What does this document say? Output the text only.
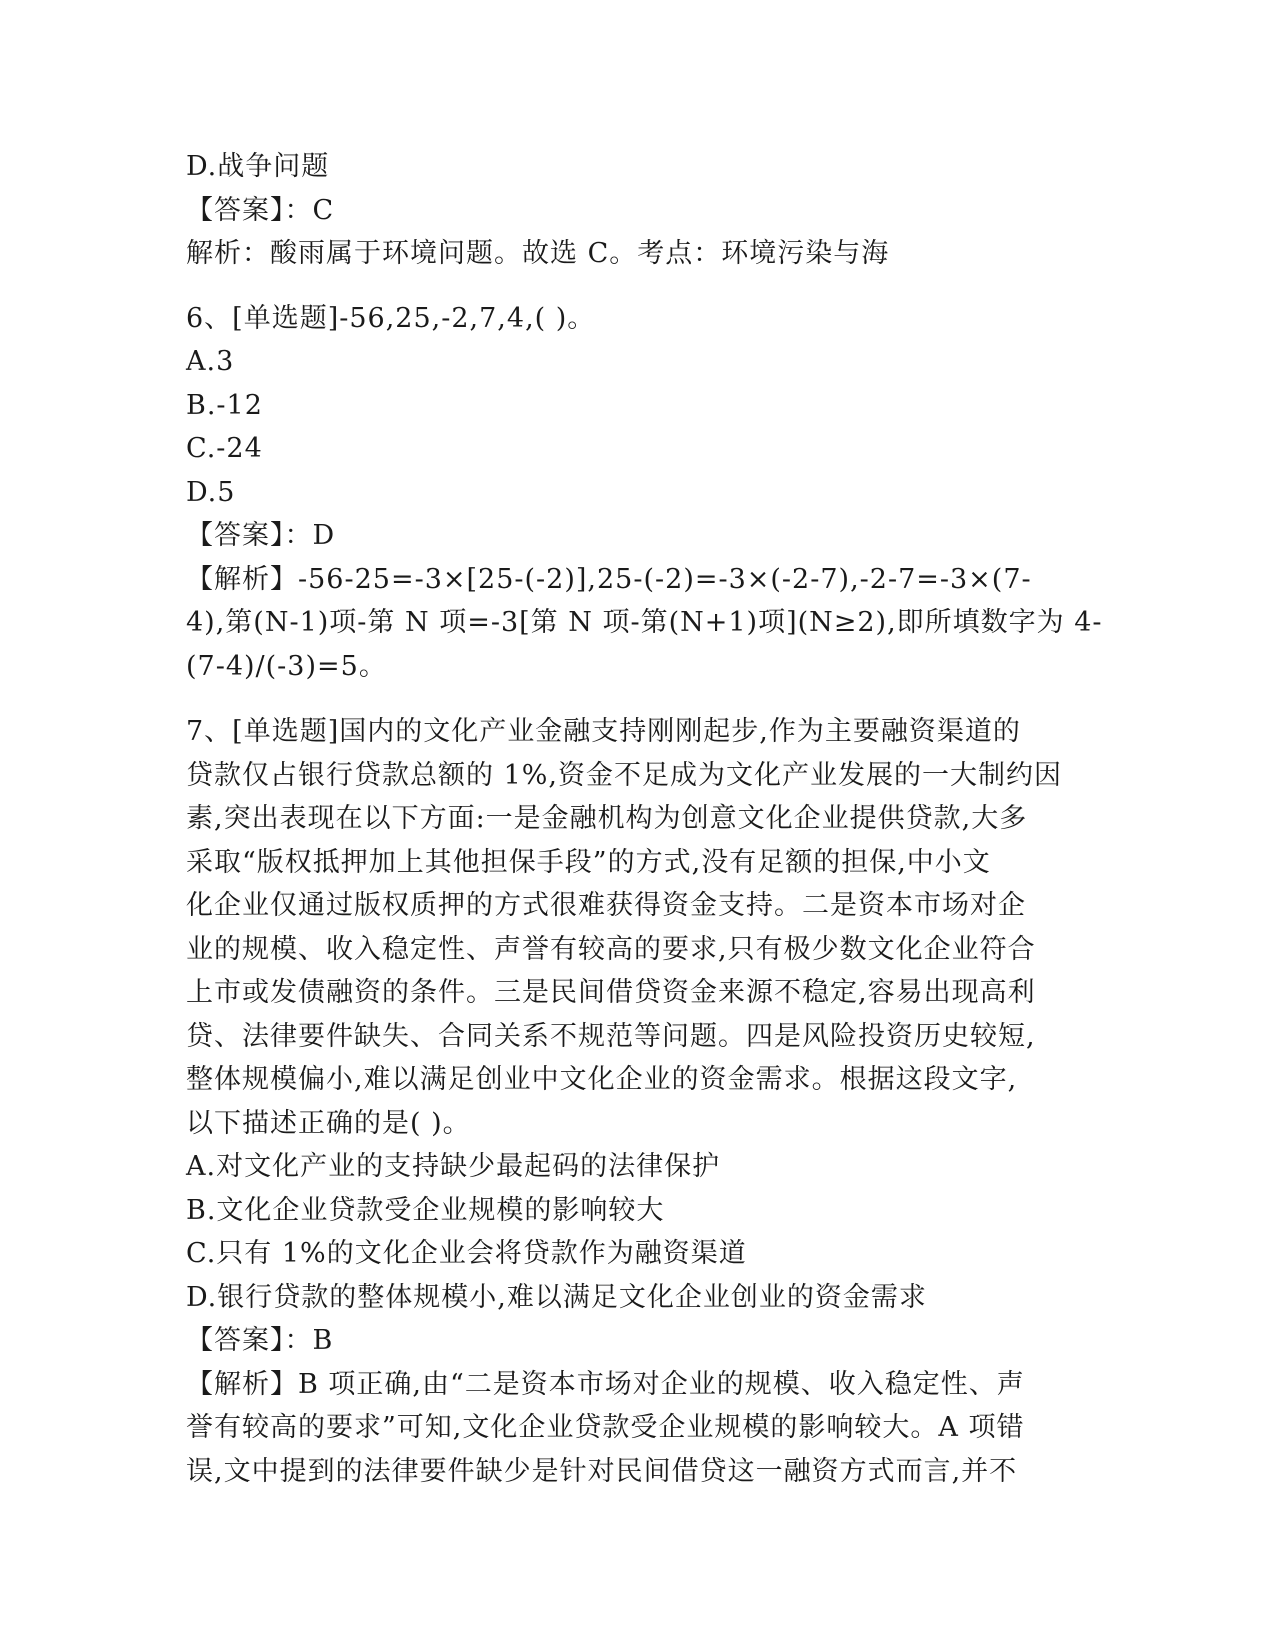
D.战争问题
【答案】：C
解析：酸雨属于环境问题。故选 C。考点：环境污染与海
6、[单选题]-56,25,-2,7,4,( )。
A.3
B.-12
C.-24
D.5
【答案】：D
【解析】-56-25=-3×[25-(-2)],25-(-2)=-3×(-2-7),-2-7=-3×(7-
4),第(N-1)项-第 N 项=-3[第 N 项-第(N+1)项](N≥2),即所填数字为 4-
(7-4)/(-3)=5。
7、[单选题]国内的文化产业金融支持刚刚起步,作为主要融资渠道的
贷款仅占银行贷款总额的 1%,资金不足成为文化产业发展的一大制约因
素,突出表现在以下方面:一是金融机构为创意文化企业提供贷款,大多
采取“版权抵押加上其他担保手段”的方式,没有足额的担保,中小文
化企业仅通过版权质押的方式很难获得资金支持。二是资本市场对企
业的规模、收入稳定性、声誉有较高的要求,只有极少数文化企业符合
上市或发债融资的条件。三是民间借贷资金来源不稳定,容易出现高利
贷、法律要件缺失、合同关系不规范等问题。四是风险投资历史较短,
整体规模偏小,难以满足创业中文化企业的资金需求。根据这段文字,
以下描述正确的是( )。
A.对文化产业的支持缺少最起码的法律保护
B.文化企业贷款受企业规模的影响较大
C.只有 1%的文化企业会将贷款作为融资渠道
D.银行贷款的整体规模小,难以满足文化企业创业的资金需求
【答案】：B
【解析】B 项正确,由“二是资本市场对企业的规模、收入稳定性、声
誉有较高的要求”可知,文化企业贷款受企业规模的影响较大。A 项错
误,文中提到的法律要件缺少是针对民间借贷这一融资方式而言,并不
